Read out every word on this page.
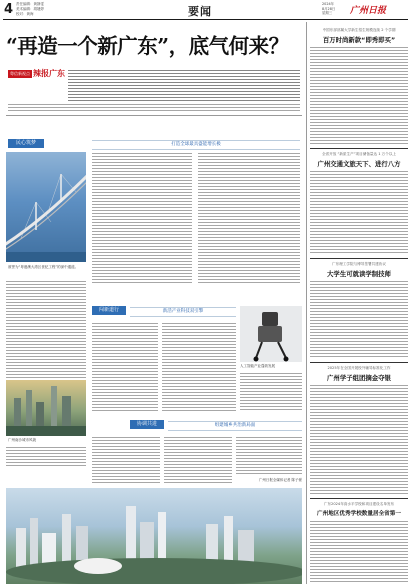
4 责任编辑：黄静雯
美术编辑：胡婕婷
校对：黄海	要闻
2024年
8月28日
星期三	广州日报
“再造一个新广东”，底气何来？
粤信新视点 辣报广东
民心筑梦
被誉为“粤港澳大湾区世纪工程”的深中通道。
广州南沙城市风貌
打造全球最具盛能增长极
闯新道行	新活产业科技双引擎
人工智能产业蓬勃发展
协调共进	组建城乡共治新局面
广州日报全媒体记者 陈子豪
中国东部部属大学新生招生规模连续 2 个学期
百万时尚新款“即秀即买”
全省开放 “新质生产”项目储备量达 1 万个以上
广州交通文旅天下、进行八方
广东理工学院与博导签署共建协议
大学生可就读学制技师
2025年在全国开展校外辅导标准化工作
广州学子组团摘金夺银
广东2024年高水平学校和项目建设名单发布
广州地区优秀学校数量居全省第一
